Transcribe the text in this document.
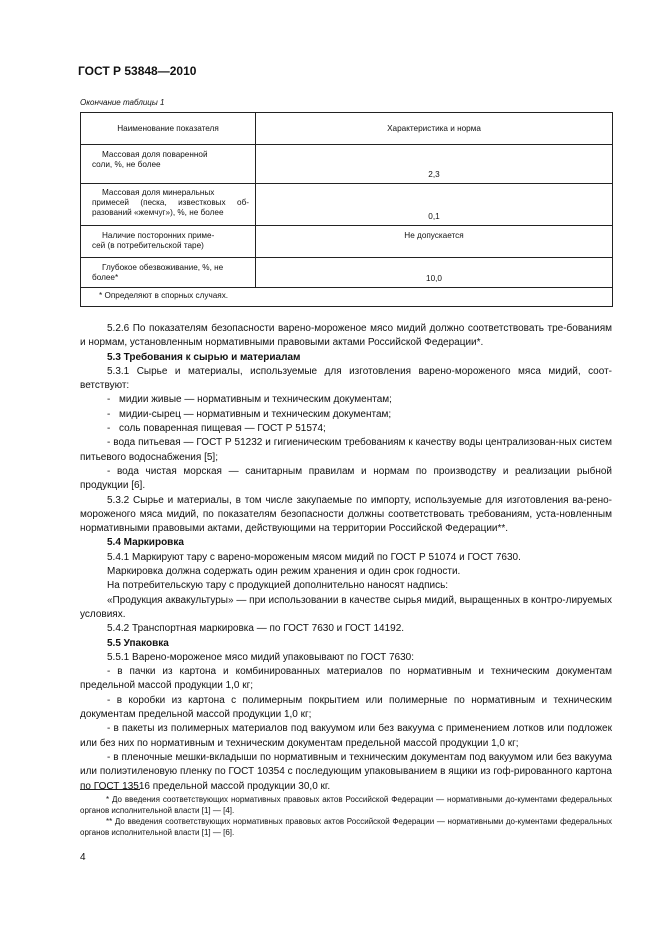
ГОСТ Р 53848—2010
Окончание таблицы 1
Наименование показателя	Характеристика и норма

Массовая доля поваренной
соли, %, не более	2,3

Массовая доля минеральных
примесей (песка, известковых об-разований «жемчуг»), %, не более	0,1

Наличие посторонних приме-
сей (в потребительской таре)	Не допускается

Глубокое обезвоживание, %, не
более*	10,0
* Определяют в спорных случаях.	

5.2.6 По показателям безопасности варено-мороженое мясо мидий должно соответствовать тре-бованиям и нормам, установленным нормативными правовыми актами Российской Федерации*.

5.3 Требования к сырью и материалам

5.3.1 Сырье и материалы, используемые для изготовления варено-мороженого мяса мидий, соот-ветствуют:

- мидии живые — нормативным и техническим документам;

- мидии-сырец — нормативным и техническим документам;

- соль поваренная пищевая — ГОСТ Р 51574;

- вода питьевая — ГОСТ Р 51232 и гигиеническим требованиям к качеству воды централизован-ных систем питьевого водоснабжения [5];

- вода чистая морская — санитарным правилам и нормам по производству и реализации рыбной продукции [6].

5.3.2 Сырье и материалы, в том числе закупаемые по импорту, используемые для изготовления ва-рено-мороженого мяса мидий, по показателям безопасности должны соответствовать требованиям, уста-новленным нормативными правовыми актами, действующими на территории Российской Федерации**.

5.4 Маркировка

5.4.1 Маркируют тару с варено-мороженым мясом мидий по ГОСТ Р 51074 и ГОСТ 7630.

Маркировка должна содержать один режим хранения и один срок годности.

На потребительскую тару с продукцией дополнительно наносят надпись:

«Продукция аквакультуры» — при использовании в качестве сырья мидий, выращенных в контро-лируемых условиях.

5.4.2 Транспортная маркировка — по ГОСТ 7630 и ГОСТ 14192.

5.5 Упаковка

5.5.1 Варено-мороженое мясо мидий упаковывают по ГОСТ 7630:

- в пачки из картона и комбинированных материалов по нормативным и техническим документам предельной массой продукции 1,0 кг;

- в коробки из картона с полимерным покрытием или полимерные по нормативным и техническим документам предельной массой продукции 1,0 кг;

- в пакеты из полимерных материалов под вакуумом или без вакуума с применением лотков или подложек или без них по нормативным и техническим документам предельной массой продукции 1,0 кг;

- в пленочные мешки-вкладыши по нормативным и техническим документам под вакуумом или без вакуума или полиэтиленовую пленку по ГОСТ 10354 с последующим упаковыванием в ящики из гоф-рированного картона по ГОСТ 13516 предельной массой продукции 30,0 кг.

* До введения соответствующих нормативных правовых актов Российской Федерации — нормативными до-кументами федеральных органов исполнительной власти [1] — [4].
** До введения соответствующих нормативных правовых актов Российской Федерации — нормативными до-кументами федеральных органов исполнительной власти [1] — [6].
4
